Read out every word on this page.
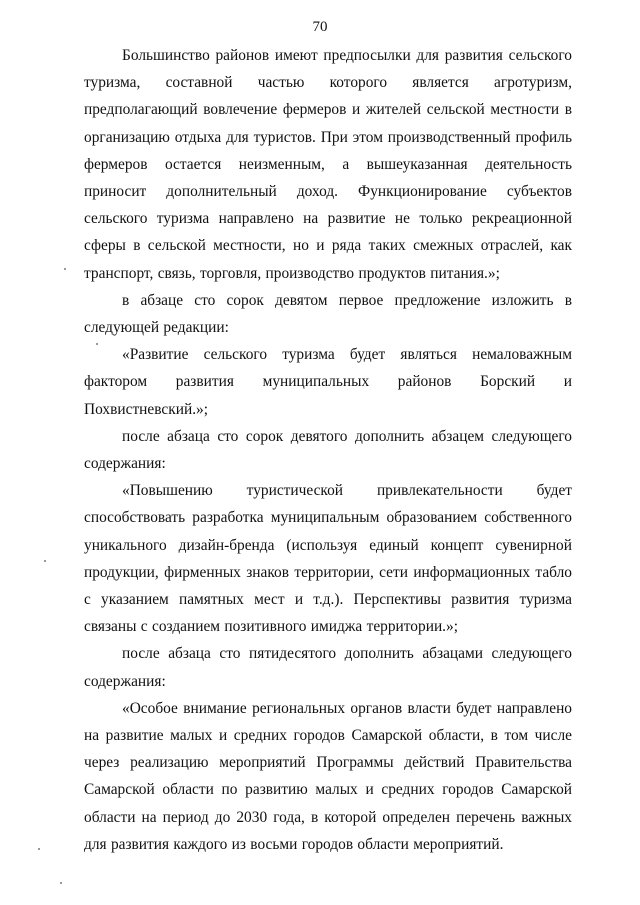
70

Большинство районов имеют предпосылки для развития сельского туризма, составной частью которого является агротуризм, предполагающий вовлечение фермеров и жителей сельской местности в организацию отдыха для туристов. При этом производственный профиль фермеров остается неизменным, а вышеуказанная деятельность приносит дополнительный доход. Функционирование субъектов сельского туризма направлено на развитие не только рекреационной сферы в сельской местности, но и ряда таких смежных отраслей, как транспорт, связь, торговля, производство продуктов питания.»;

в абзаце сто сорок девятом первое предложение изложить в следующей редакции:

«Развитие сельского туризма будет являться немаловажным фактором развития муниципальных районов Борский и Похвистневский.»;

после абзаца сто сорок девятого дополнить абзацем следующего содержания:

«Повышению туристической привлекательности будет способствовать разработка муниципальным образованием собственного уникального дизайн-бренда (используя единый концепт сувенирной продукции, фирменных знаков территории, сети информационных табло с указанием памятных мест и т.д.). Перспективы развития туризма связаны с созданием позитивного имиджа территории.»;

после абзаца сто пятидесятого дополнить абзацами следующего содержания:

«Особое внимание региональных органов власти будет направлено на развитие малых и средних городов Самарской области, в том числе через реализацию мероприятий Программы действий Правительства Самарской области по развитию малых и средних городов Самарской области на период до 2030 года, в которой определен перечень важных для развития каждого из восьми городов области мероприятий.
